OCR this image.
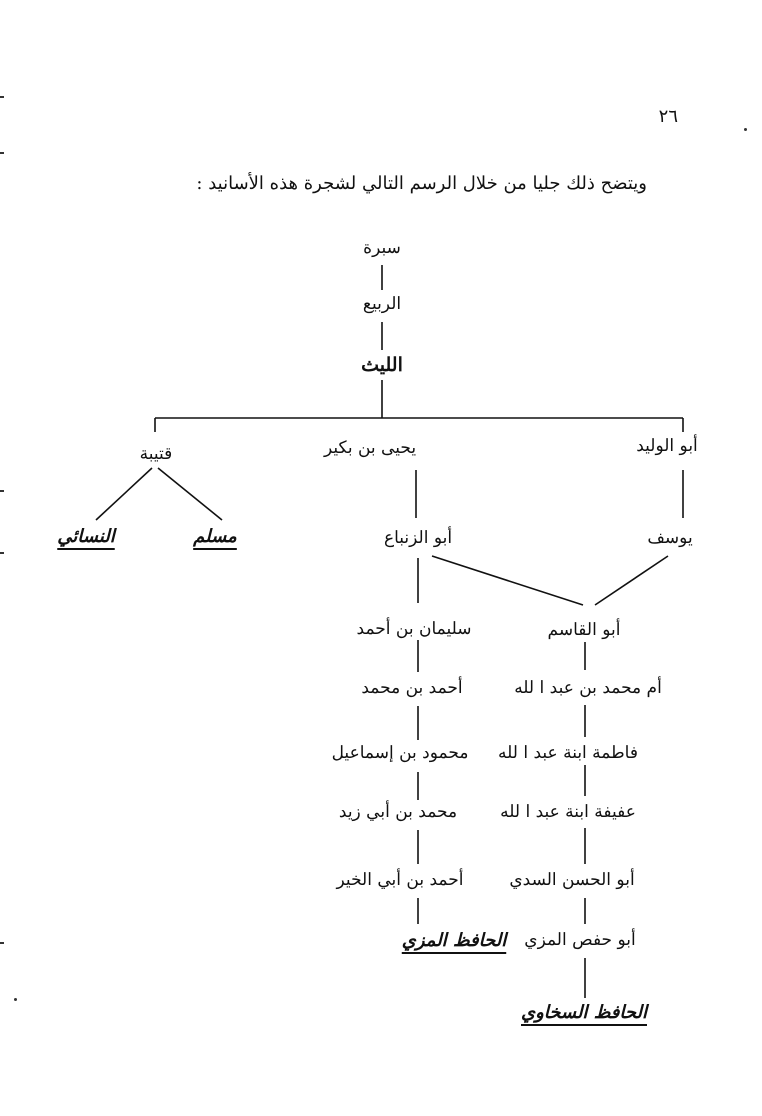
٢٦
ويتضح ذلك جليا من خلال الرسم التالي لشجرة هذه الأسانيد :
سبرة
الربيع
الليث
أبو الوليد
يحيى بن بكير
قتيبة
يوسف
أبو الزنباع
مسلم
النسائي
أبو القاسم
سليمان بن أحمد
أم محمد بن عبد ا لله
أحمد بن محمد
فاطمة ابنة عبد ا لله
محمود بن إسماعيل
عفيفة ابنة عبد ا لله
محمد بن أبي زيد
أبو الحسن السدي
أحمد بن أبي الخير
أبو حفص المزي
الحافظ المزي
الحافظ السخاوي
